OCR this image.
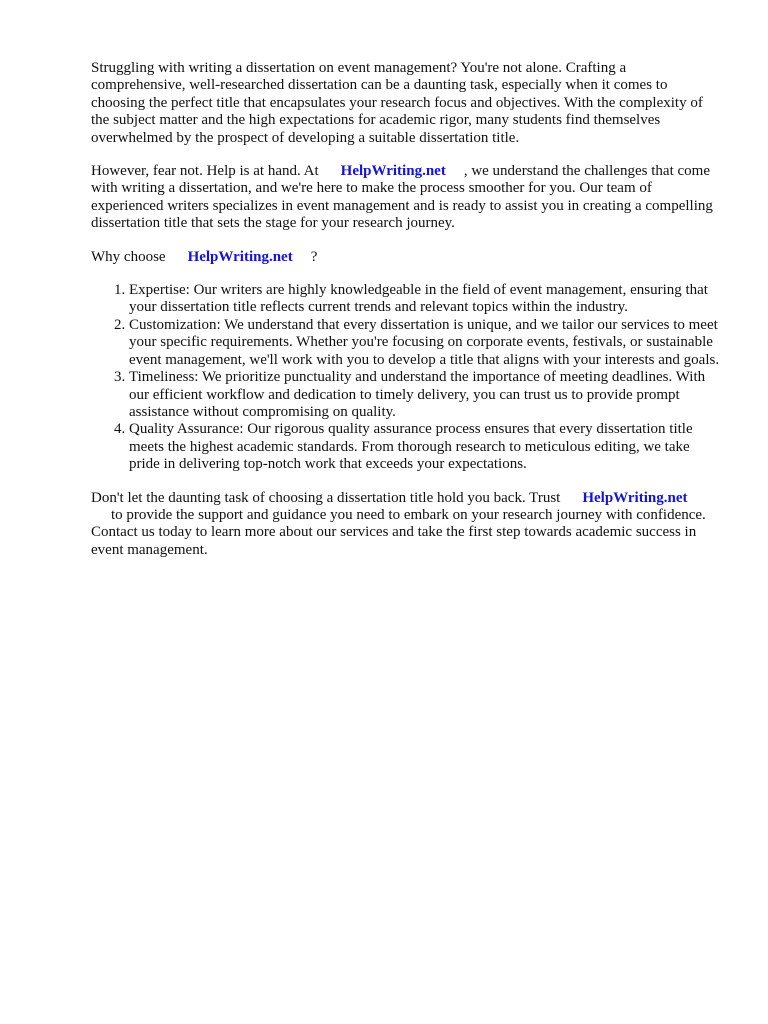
Struggling with writing a dissertation on event management? You're not alone. Crafting a comprehensive, well-researched dissertation can be a daunting task, especially when it comes to choosing the perfect title that encapsulates your research focus and objectives. With the complexity of the subject matter and the high expectations for academic rigor, many students find themselves overwhelmed by the prospect of developing a suitable dissertation title.

However, fear not. Help is at hand. At HelpWriting.net , we understand the challenges that come with writing a dissertation, and we're here to make the process smoother for you. Our team of experienced writers specializes in event management and is ready to assist you in creating a compelling dissertation title that sets the stage for your research journey.

Why choose HelpWriting.net ?

1. Expertise: Our writers are highly knowledgeable in the field of event management, ensuring that your dissertation title reflects current trends and relevant topics within the industry.
2. Customization: We understand that every dissertation is unique, and we tailor our services to meet your specific requirements. Whether you're focusing on corporate events, festivals, or sustainable event management, we'll work with you to develop a title that aligns with your interests and goals.
3. Timeliness: We prioritize punctuality and understand the importance of meeting deadlines. With our efficient workflow and dedication to timely delivery, you can trust us to provide prompt assistance without compromising on quality.
4. Quality Assurance: Our rigorous quality assurance process ensures that every dissertation title meets the highest academic standards. From thorough research to meticulous editing, we take pride in delivering top-notch work that exceeds your expectations.

Don't let the daunting task of choosing a dissertation title hold you back. Trust HelpWriting.net
to provide the support and guidance you need to embark on your research journey with confidence. Contact us today to learn more about our services and take the first step towards academic success in event management.
